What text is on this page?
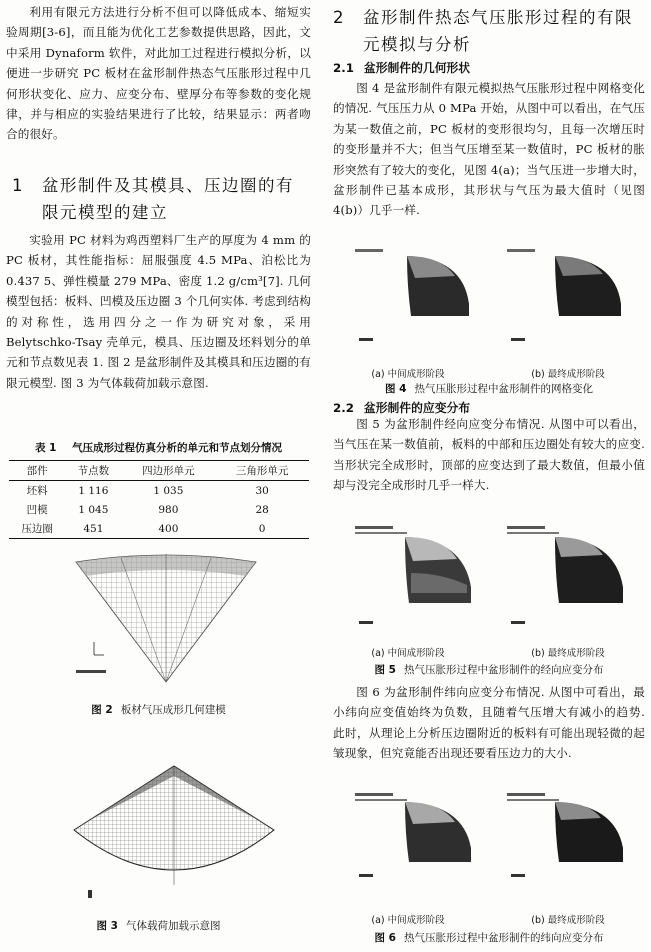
利用有限元方法进行分析不但可以降低成本、缩短实验周期[3-6]，而且能为优化工艺参数提供思路，因此，文中采用 Dynaform 软件，对此加工过程进行模拟分析，以便进一步研究 PC 板材在盆形制件热态气压胀形过程中几何形状变化、应力、应变分布、壁厚分布等参数的变化规律，并与相应的实验结果进行了比较，结果显示：两者吻合的很好。

1	盆形制件及其模具、压边圈的有限元模型的建立

实验用 PC 材料为鸡西塑料厂生产的厚度为 4 mm 的 PC 板材，其性能指标：屈服强度 4.5 MPa、泊松比为 0.437 5、弹性模量 279 MPa、密度 1.2 g/cm³[7]. 几何模型包括：板料、凹模及压边圈 3 个几何实体. 考虑到结构的对称性，选用四分之一作为研究对象，采用 Belytschko-Tsay 壳单元，模具、压边圈及坯料划分的单元和节点数见表 1. 图 2 是盆形制件及其模具和压边圈的有限元模型. 图 3 为气体载荷加载示意图.

表 1 气压成形过程仿真分析的单元和节点划分情况
部件	节点数	四边形单元	三角形单元
坯料	1 116	1 035	30
凹模	1 045	980	28
压边圈	451	400	0
图 2 板材气压成形几何建模
图 3 气体载荷加载示意图
2	盆形制件热态气压胀形过程的有限元模拟与分析
2.1 盆形制件的几何形状

图 4 是盆形制件有限元模拟热气压胀形过程中网格变化的情况. 气压压力从 0 MPa 开始，从图中可以看出，在气压为某一数值之前，PC 板材的变形很均匀，且每一次增压时的变形量并不大；但当气压增至某一数值时，PC 板材的胀形突然有了较大的变化，见图 4(a)；当气压进一步增大时，盆形制件已基本成形，其形状与气压为最大值时（见图 4(b)）几乎一样.

(a) 中间成形阶段	(b) 最终成形阶段
图 4 热气压胀形过程中盆形制件的网格变化
2.2 盆形制件的应变分布

图 5 为盆形制件经向应变分布情况. 从图中可以看出，当气压在某一数值前，板料的中部和压边圈处有较大的应变. 当形状完全成形时，顶部的应变达到了最大数值，但最小值却与没完全成形时几乎一样大.

(a) 中间成形阶段	(b) 最终成形阶段
图 5 热气压胀形过程中盆形制件的经向应变分布

图 6 为盆形制件纬向应变分布情况. 从图中可看出，最小纬向应变值始终为负数，且随着气压增大有减小的趋势. 此时，从理论上分析压边圈附近的板料有可能出现轻微的起皱现象，但究竟能否出现还要看压边力的大小.

(a) 中间成形阶段	(b) 最终成形阶段
图 6 热气压胀形过程中盆形制件的纬向应变分布
